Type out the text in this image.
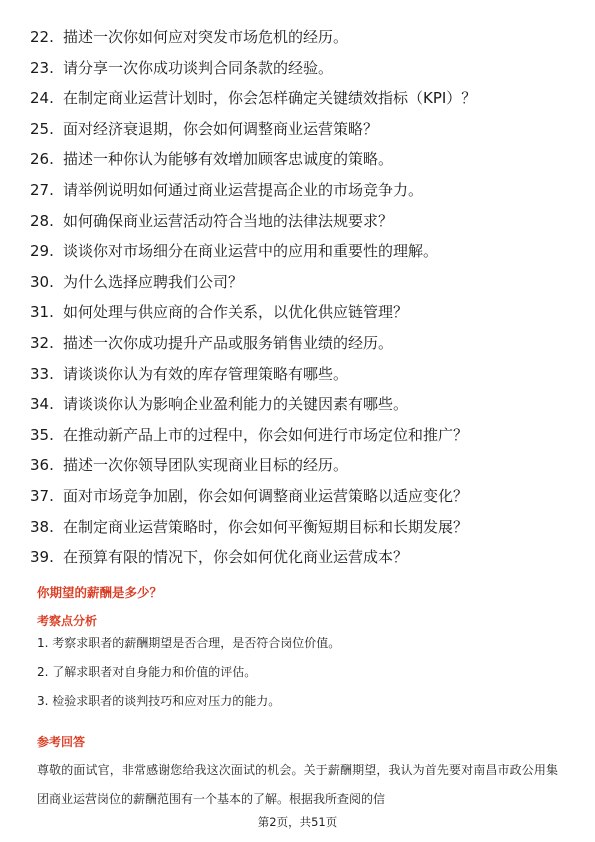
22. 描述一次你如何应对突发市场危机的经历。
23. 请分享一次你成功谈判合同条款的经验。
24. 在制定商业运营计划时，你会怎样确定关键绩效指标（KPI）？
25. 面对经济衰退期，你会如何调整商业运营策略？
26. 描述一种你认为能够有效增加顾客忠诚度的策略。
27. 请举例说明如何通过商业运营提高企业的市场竞争力。
28. 如何确保商业运营活动符合当地的法律法规要求？
29. 谈谈你对市场细分在商业运营中的应用和重要性的理解。
30. 为什么选择应聘我们公司？
31. 如何处理与供应商的合作关系，以优化供应链管理？
32. 描述一次你成功提升产品或服务销售业绩的经历。
33. 请谈谈你认为有效的库存管理策略有哪些。
34. 请谈谈你认为影响企业盈利能力的关键因素有哪些。
35. 在推动新产品上市的过程中，你会如何进行市场定位和推广？
36. 描述一次你领导团队实现商业目标的经历。
37. 面对市场竞争加剧，你会如何调整商业运营策略以适应变化？
38. 在制定商业运营策略时，你会如何平衡短期目标和长期发展？
39. 在预算有限的情况下，你会如何优化商业运营成本？
你期望的薪酬是多少？
考察点分析
1. 考察求职者的薪酬期望是否合理，是否符合岗位价值。
2. 了解求职者对自身能力和价值的评估。
3. 检验求职者的谈判技巧和应对压力的能力。
参考回答

尊敬的面试官，非常感谢您给我这次面试的机会。关于薪酬期望，我认为首先要对南昌市政公用集团商业运营岗位的薪酬范围有一个基本的了解。根据我所查阅的信

第2页，共51页
